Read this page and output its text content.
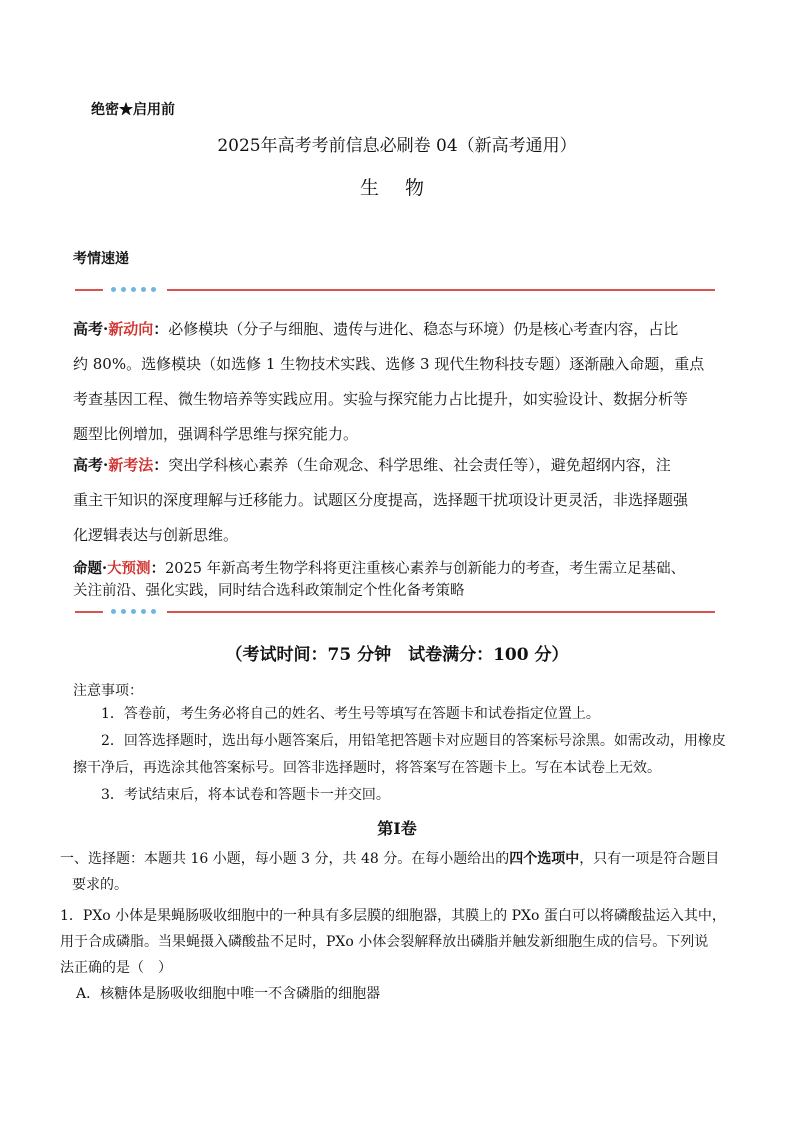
绝密★启用前
2025年高考考前信息必刷卷 04（新高考通用）
生 物
考情速递
高考·新动向：必修模块（分子与细胞、遗传与进化、稳态与环境）仍是核心考查内容，占比
约 80%。选修模块（如选修 1 生物技术实践、选修 3 现代生物科技专题）逐渐融入命题，重点
考查基因工程、微生物培养等实践应用。实验与探究能力占比提升，如实验设计、数据分析等
题型比例增加，强调科学思维与探究能力。
高考·新考法：突出学科核心素养（生命观念、科学思维、社会责任等），避免超纲内容，注
重主干知识的深度理解与迁移能力。试题区分度提高，选择题干扰项设计更灵活，非选择题强
化逻辑表达与创新思维。
命题·大预测：2025 年新高考生物学科将更注重核心素养与创新能力的考查，考生需立足基础、
关注前沿、强化实践，同时结合选科政策制定个性化备考策略
（考试时间：75 分钟　试卷满分：100 分）
注意事项：
1．答卷前，考生务必将自己的姓名、考生号等填写在答题卡和试卷指定位置上。
2．回答选择题时，选出每小题答案后，用铅笔把答题卡对应题目的答案标号涂黑。如需改动，用橡皮
擦干净后，再选涂其他答案标号。回答非选择题时，将答案写在答题卡上。写在本试卷上无效。
3．考试结束后，将本试卷和答题卡一并交回。
第Ⅰ卷
一、选择题：本题共 16 小题，每小题 3 分，共 48 分。在每小题给出的四个选项中，只有一项是符合题目
要求的。
1．PXo 小体是果蝇肠吸收细胞中的一种具有多层膜的细胞器，其膜上的 PXo 蛋白可以将磷酸盐运入其中，
用于合成磷脂。当果蝇摄入磷酸盐不足时，PXo 小体会裂解释放出磷脂并触发新细胞生成的信号。下列说
法正确的是（　）
A．核糖体是肠吸收细胞中唯一不含磷脂的细胞器
